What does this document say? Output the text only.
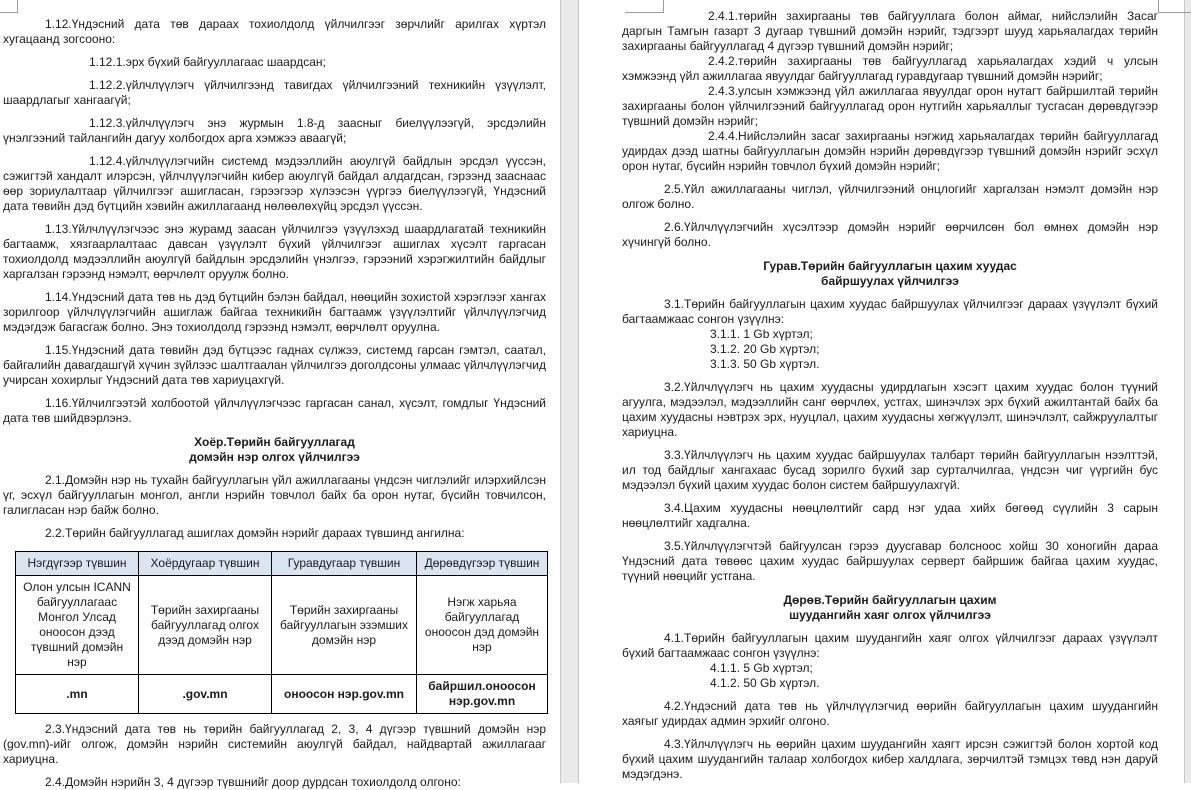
1.12.Үндэсний дата төв дараах тохиолдолд үйлчилгээг зөрчлийг арилгах хүртэл хугацаанд зогсооно:

1.12.1.эрх бүхий байгууллагаас шаардсан;

1.12.2.үйлчлүүлэгч үйлчилгээнд тавигдах үйлчилгээний техникийн үзүүлэлт, шаардлагыг хангаагүй;

1.12.3.үйлчлүүлэгч энэ журмын 1.8-д заасныг биелүүлээгүй, эрсдэлийн үнэлгээний тайлангийн дагуу холбогдох арга хэмжээ аваагүй;

1.12.4.үйлчлүүлэгчийн системд мэдээллийн аюулгүй байдлын эрсдэл үүссэн, сэжигтэй хандалт илэрсэн, үйлчлүүлэгчийн кибер аюулгүй байдал алдагдсан, гэрээнд зааснаас өөр зориулалтаар үйлчилгээг ашигласан, гэрээгээр хүлээсэн үүргээ биелүүлээгүй, Үндэсний дата төвийн дэд бүтцийн хэвийн ажиллагаанд нөлөөлөхүйц эрсдэл үүссэн.

1.13.Үйлчлүүлэгчээс энэ журамд заасан үйлчилгээ үзүүлэхэд шаардлагатай техникийн багтаамж, хязгаарлалтаас давсан үзүүлэлт бүхий үйлчилгээг ашиглах хүсэлт гаргасан тохиолдолд мэдээллийн аюулгүй байдлын эрсдэлийн үнэлгээ, гэрээний хэрэгжилтийн байдлыг харгалзан гэрээнд нэмэлт, өөрчлөлт оруулж болно.

1.14.Үндэсний дата төв нь дэд бүтцийн бэлэн байдал, нөөцийн зохистой хэрэглээг хангах зорилгоор үйлчлүүлэгчийн ашиглаж байгаа техникийн багтаамж үзүүлэлтийг үйлчлүүлэгчид мэдэгдэж багасгаж болно. Энэ тохиолдолд гэрээнд нэмэлт, өөрчлөлт оруулна.

1.15.Үндэсний дата төвийн дэд бүтцээс гаднах сүлжээ, системд гарсан гэмтэл, саатал, байгалийн давагдашгүй хүчин зүйлээс шалтгаалан үйлчилгээ доголдсоны улмаас үйлчлүүлэгчид учирсан хохирлыг Үндэсний дата төв хариуцахгүй.

1.16.Үйлчилгээтэй холбоотой үйлчлүүлэгчээс гаргасан санал, хүсэлт, гомдлыг Үндэсний дата төв шийдвэрлэнэ.

Хоёр.Төрийн байгууллагад
домэйн нэр олгох үйлчилгээ

2.1.Домэйн нэр нь тухайн байгууллагын үйл ажиллагааны үндсэн чиглэлийг илэрхийлсэн үг, эсхүл байгууллагын монгол, англи нэрийн товчлол байх ба орон нутаг, бүсийн товчилсон, галигласан нэр байж болно.

2.2.Төрийн байгууллагад ашиглах домэйн нэрийг дараах түвшинд ангилна:

Нэгдүгээр түвшин	Хоёрдугаар түвшин	Гуравдугаар түвшин	Дөрөвдүгээр түвшин
Олон улсын ICANN байгууллагаас Монгол Улсад оноосон дээд түвшний домэйн нэр	Төрийн захиргааны байгууллагад олгох дээд домэйн нэр	Төрийн захиргааны байгууллагын эзэмших домэйн нэр	Нэгж харьяа байгууллагад оноосон дэд домэйн нэр
.mn	.gov.mn	оноосон нэр.gov.mn	байршил.оноосон нэр.gov.mn

2.3.Үндэсний дата төв нь төрийн байгууллагад 2, 3, 4 дүгээр түвшний домэйн нэр (gov.mn)-ийг олгож, домэйн нэрийн системийн аюулгүй байдал, найдвартай ажиллагааг хариуцна.

2.4.Домэйн нэрийн 3, 4 дүгээр түвшнийг доор дурдсан тохиолдолд олгоно:

2.4.1.төрийн захиргааны төв байгууллага болон аймаг, нийслэлийн Засаг даргын Тамгын газарт 3 дугаар түвшний домэйн нэрийг, тэдгээрт шууд харьяалагдах төрийн захиргааны байгууллагад 4 дүгээр түвшний домэйн нэрийг;

2.4.2.төрийн захиргааны төв байгууллагад харьяалагдах хэдий ч улсын хэмжээнд үйл ажиллагаа явуулдаг байгууллагад гуравдугаар түвшний домэйн нэрийг;

2.4.3.улсын хэмжээнд үйл ажиллагаа явуулдаг орон нутагт байршилтай төрийн захиргааны болон үйлчилгээний байгууллагад орон нутгийн харьяаллыг тусгасан дөрөвдүгээр түвшний домэйн нэрийг;

2.4.4.Нийслэлийн засаг захиргааны нэгжид харьяалагдах төрийн байгууллагад удирдах дээд шатны байгууллагын домэйн нэрийн дөрөвдүгээр түвшний домэйн нэрийг эсхүл орон нутаг, бүсийн нэрийн товчлол бүхий домэйн нэрийг;

2.5.Үйл ажиллагааны чиглэл, үйлчилгээний онцлогийг харгалзан нэмэлт домэйн нэр олгож болно.

2.6.Үйлчлүүлэгчийн хүсэлтээр домэйн нэрийг өөрчилсөн бол өмнөх домэйн нэр хүчингүй болно.

Гурав.Төрийн байгууллагын цахим хуудас
байршуулах үйлчилгээ

3.1.Төрийн байгууллагын цахим хуудас байршуулах үйлчилгээг дараах үзүүлэлт бүхий багтаамжаас сонгон үзүүлнэ:

3.1.1. 1 Gb хүртэл;

3.1.2. 20 Gb хүртэл;

3.1.3. 50 Gb хүртэл.

3.2.Үйлчлүүлэгч нь цахим хуудасны удирдлагын хэсэгт цахим хуудас болон түүний агуулга, мэдээлэл, мэдээллийн санг өөрчлөх, устгах, шинэчлэх эрх бүхий ажилтантай байх ба цахим хуудасны нэвтрэх эрх, нууцлал, цахим хуудасны хөгжүүлэлт, шинэчлэлт, сайжруулалтыг хариуцна.

3.3.Үйлчлүүлэгч нь цахим хуудас байршуулах талбарт төрийн байгууллагын нээлттэй, ил тод байдлыг хангахаас бусад зорилго бүхий зар сурталчилгаа, үндсэн чиг үүргийн бус мэдээлэл бүхий цахим хуудас болон систем байршуулахгүй.

3.4.Цахим хуудасны нөөцлөлтийг сард нэг удаа хийх бөгөөд сүүлийн 3 сарын нөөцлөлтийг хадгална.

3.5.Үйлчлүүлэгчтэй байгуулсан гэрээ дуусгавар болсноос хойш 30 хоногийн дараа Үндэсний дата төвөөс цахим хуудас байршуулах серверт байршиж байгаа цахим хуудас, түүний нөөцийг устгана.

Дөрөв.Төрийн байгууллагын цахим
шуудангийн хаяг олгох үйлчилгээ

4.1.Төрийн байгууллагын цахим шуудангийн хаяг олгох үйлчилгээг дараах үзүүлэлт бүхий багтаамжаас сонгон үзүүлнэ:

4.1.1. 5 Gb хүртэл;

4.1.2. 50 Gb хүртэл.

4.2.Үндэсний дата төв нь үйлчлүүлэгчид өөрийн байгууллагын цахим шуудангийн хаягыг удирдах админ эрхийг олгоно.

4.3.Үйлчлүүлэгч нь өөрийн цахим шуудангийн хаягт ирсэн сэжигтэй болон хортой код бүхий цахим шуудангийн талаар холбогдох кибер халдлага, зөрчилтэй тэмцэх төвд нэн даруй мэдэгдэнэ.
